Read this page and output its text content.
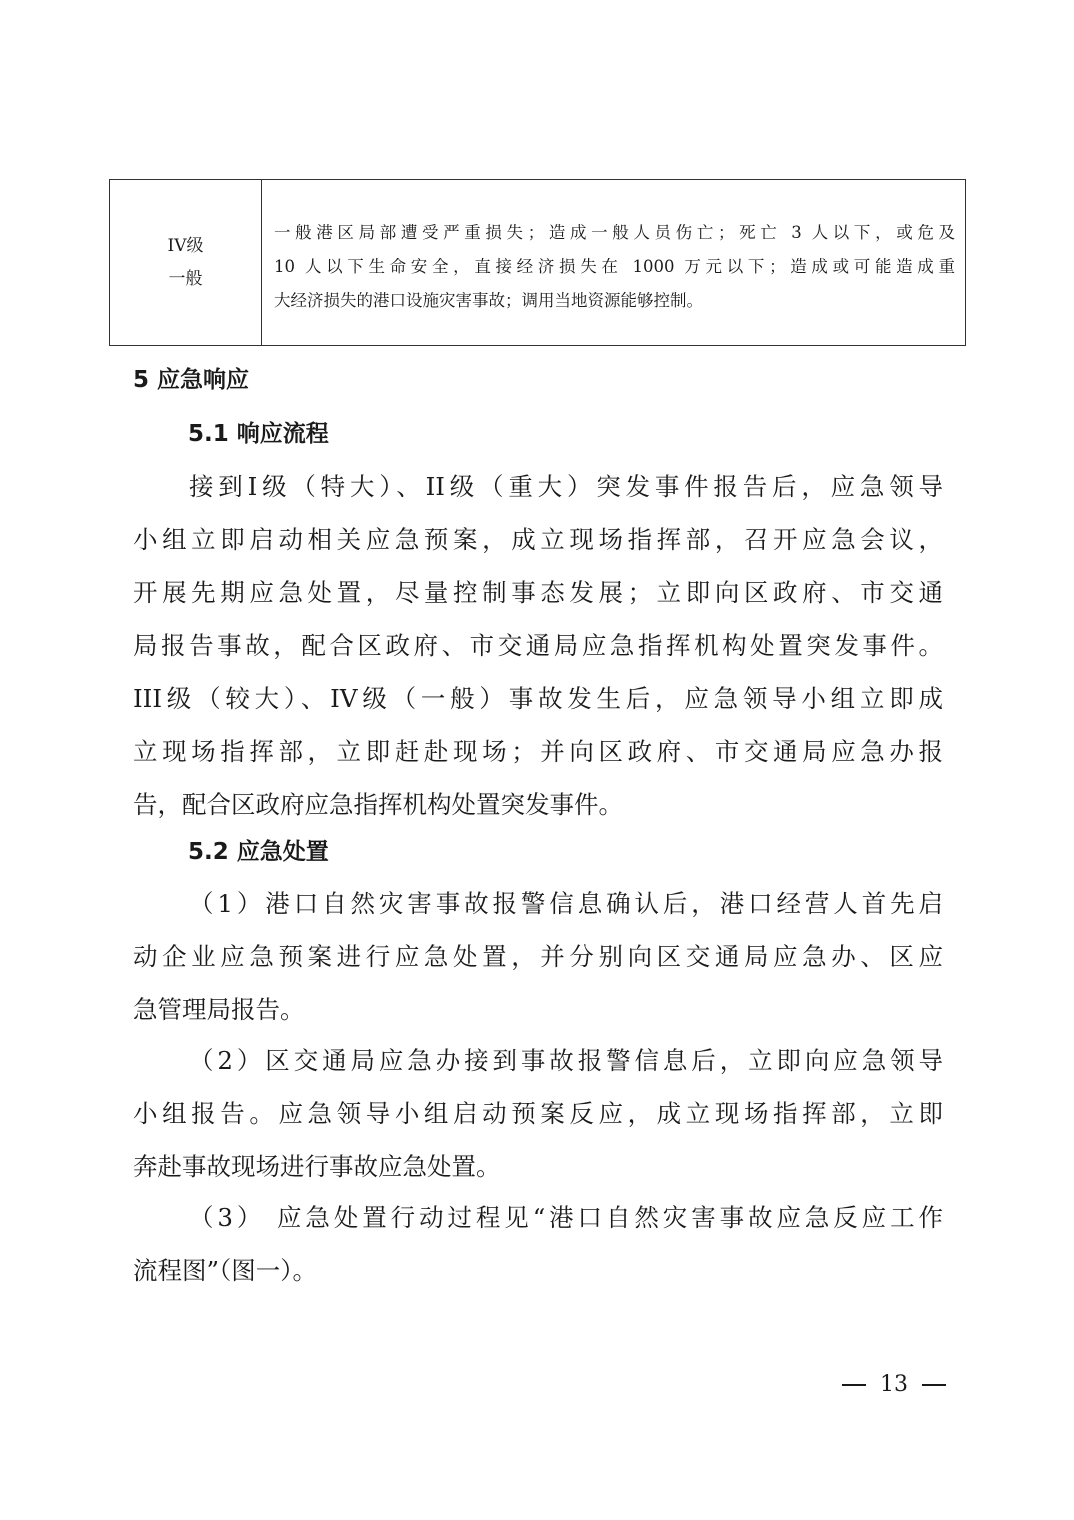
IV级
一般
一般港区局部遭受严重损失；造成一般人员伤亡；死亡 3 人以下，或危及
10 人以下生命安全，直接经济损失在 1000 万元以下；造成或可能造成重
大经济损失的港口设施灾害事故；调用当地资源能够控制。
5 应急响应
5.1 响应流程
接到I级（特大）、II级（重大）突发事件报告后，应急领导
小组立即启动相关应急预案，成立现场指挥部，召开应急会议，
开展先期应急处置，尽量控制事态发展；立即向区政府、市交通
局报告事故，配合区政府、市交通局应急指挥机构处置突发事件。
III级（较大）、IV级（一般）事故发生后，应急领导小组立即成
立现场指挥部，立即赶赴现场；并向区政府、市交通局应急办报
告，配合区政府应急指挥机构处置突发事件。
5.2 应急处置
（1）港口自然灾害事故报警信息确认后，港口经营人首先启
动企业应急预案进行应急处置，并分别向区交通局应急办、区应
急管理局报告。
（2）区交通局应急办接到事故报警信息后，立即向应急领导
小组报告。应急领导小组启动预案反应，成立现场指挥部，立即
奔赴事故现场进行事故应急处置。
（3） 应急处置行动过程见“港口自然灾害事故应急反应工作
流程图”（图一）。
13
